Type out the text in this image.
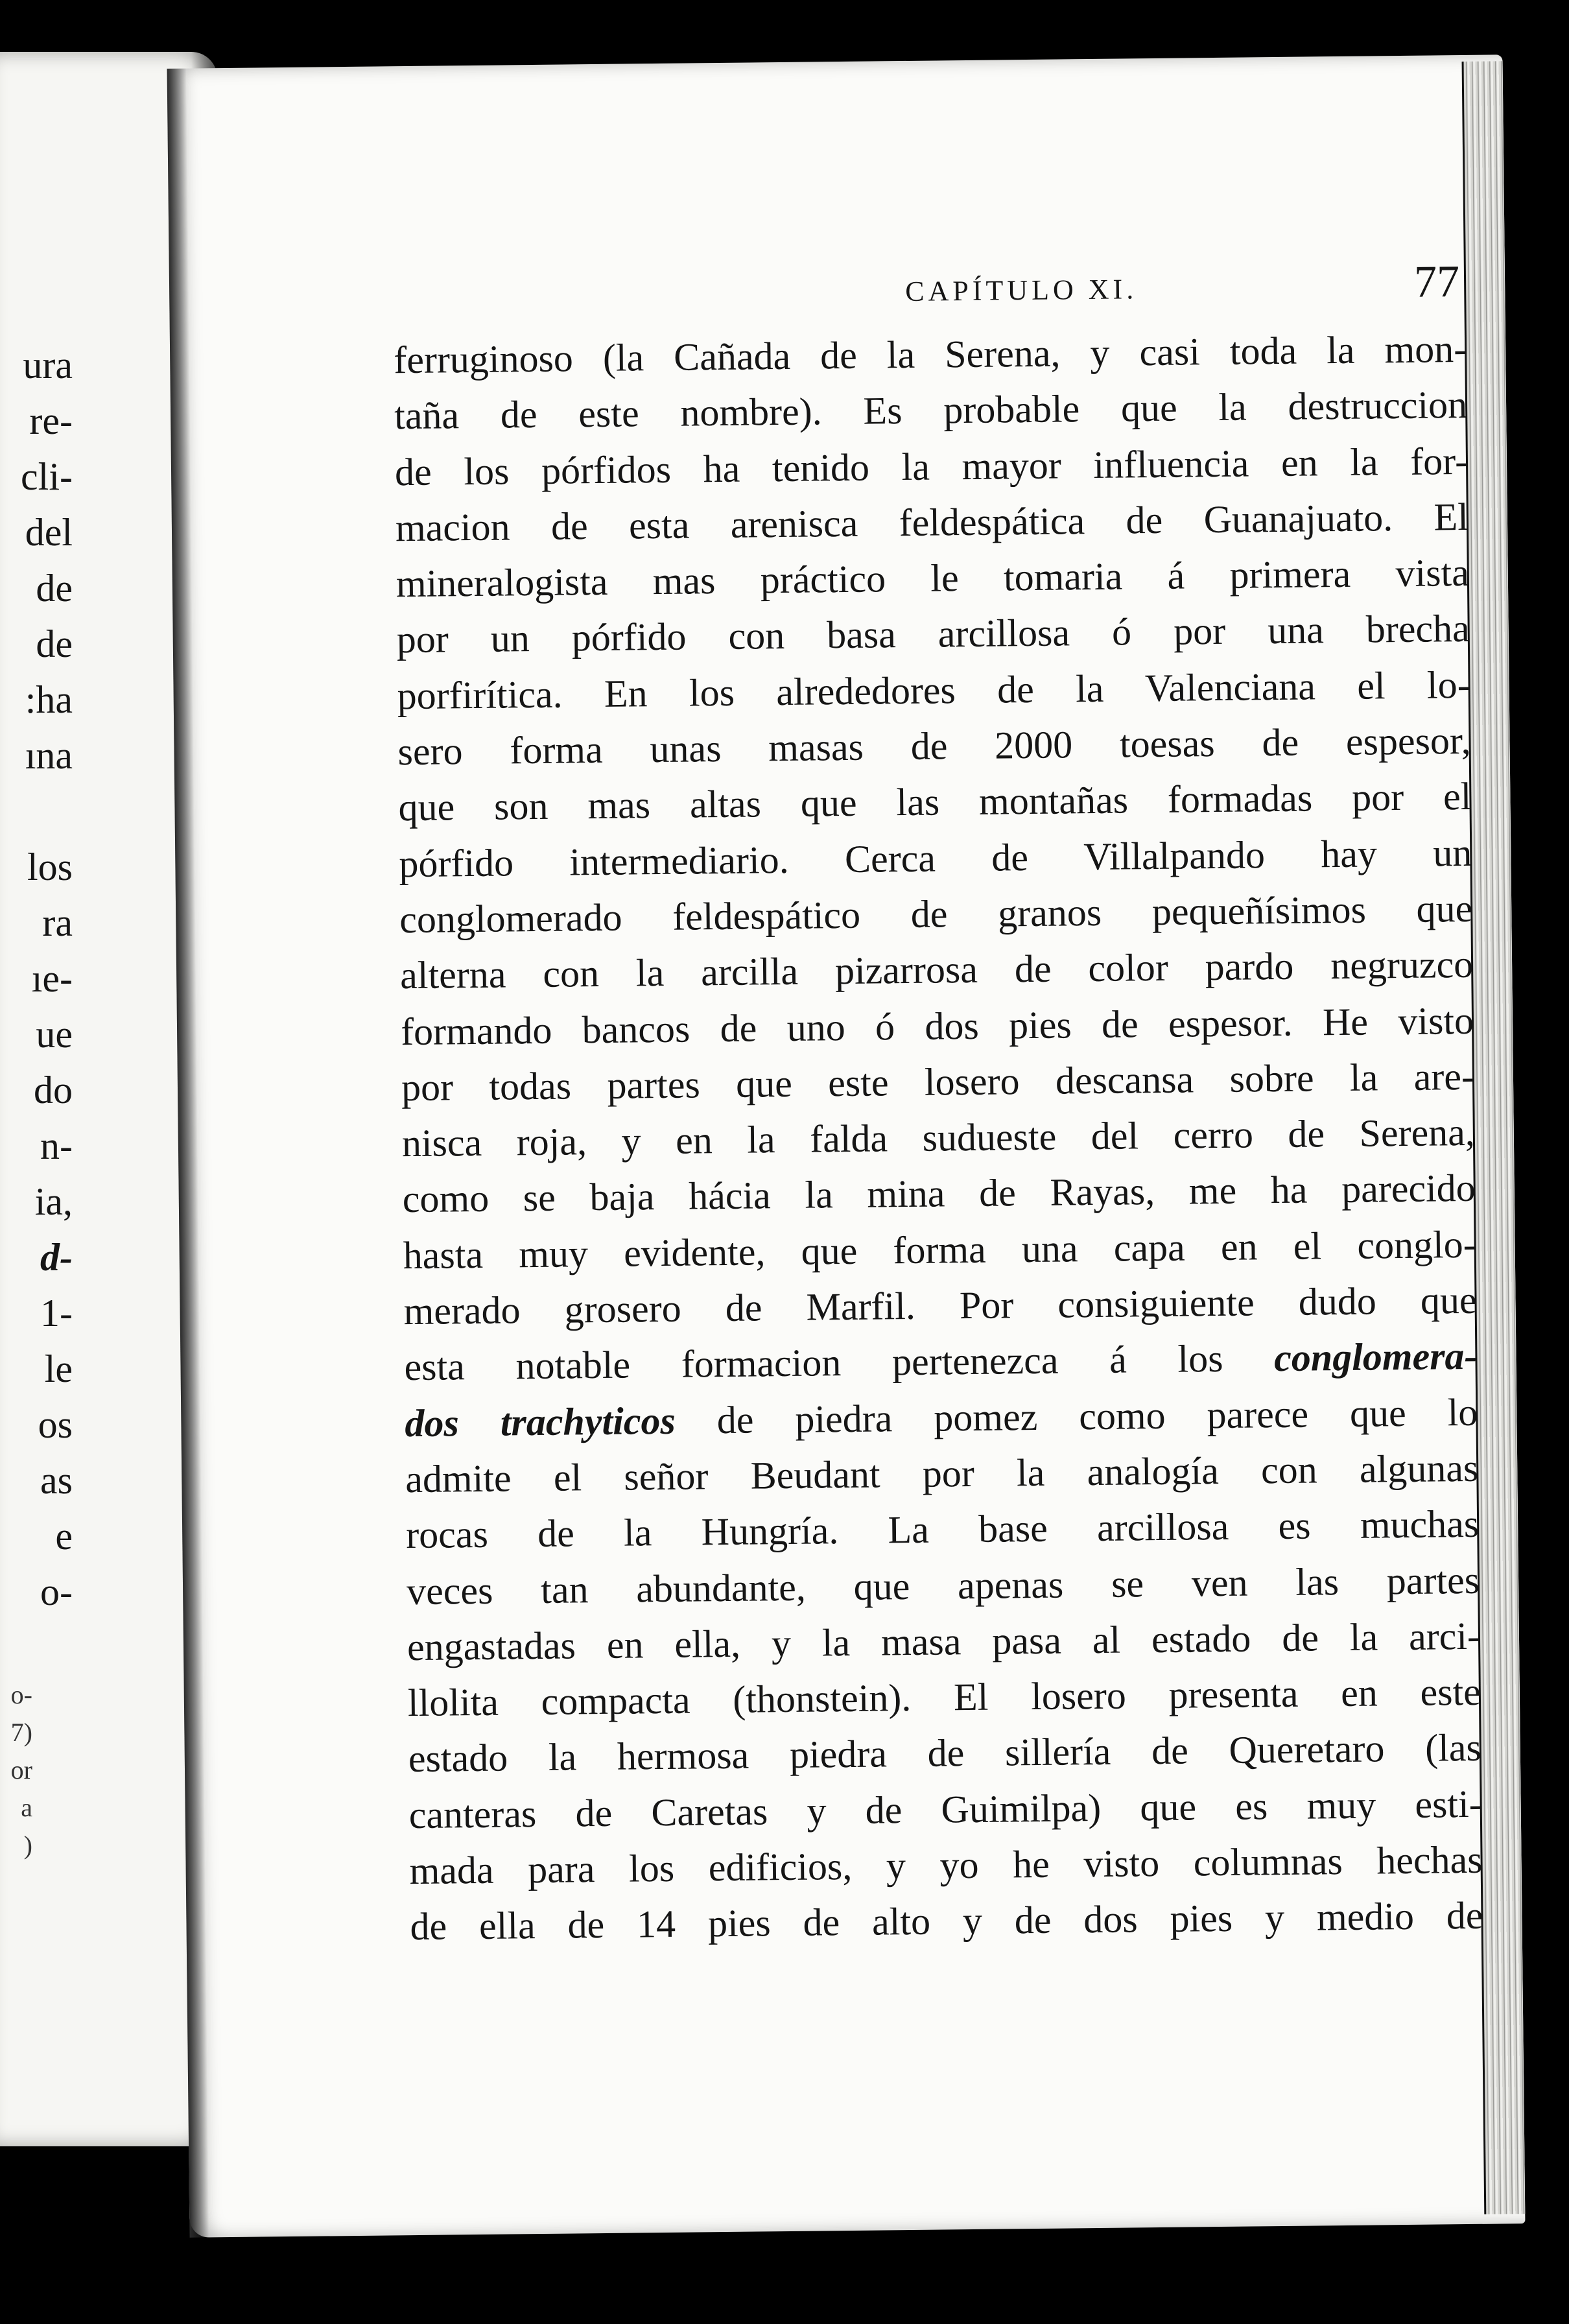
ura
re-
cli-
del
de
de
:ha
ına
los
ra
ıe-
ue
do
n-
ia,
d-
1-
le
os
as
e
o-
o-
7)
or
a
)
CAPÍTULO XI.	77
ferruginoso (la Cañada de la Serena, y casi toda la mon-
taña de este nombre). Es probable que la destruccion
de los pórfidos ha tenido la mayor influencia en la for-
macion de esta arenisca feldespática de Guanajuato. El
mineralogista mas práctico le tomaria á primera vista
por un pórfido con basa arcillosa ó por una brecha
porfirítica. En los alrededores de la Valenciana el lo-
sero forma unas masas de 2000 toesas de espesor,
que son mas altas que las montañas formadas por el
pórfido intermediario. Cerca de Villalpando hay un
conglomerado feldespático de granos pequeñísimos que
alterna con la arcilla pizarrosa de color pardo negruzco
formando bancos de uno ó dos pies de espesor. He visto
por todas partes que este losero descansa sobre la are-
nisca roja, y en la falda sudueste del cerro de Serena,
como se baja hácia la mina de Rayas, me ha parecido
hasta muy evidente, que forma una capa en el conglo-
merado grosero de Marfil. Por consiguiente dudo que
esta notable formacion pertenezca á los conglomera-
dos trachyticos de piedra pomez como parece que lo
admite el señor Beudant por la analogía con algunas
rocas de la Hungría. La base arcillosa es muchas
veces tan abundante, que apenas se ven las partes
engastadas en ella, y la masa pasa al estado de la arci-
llolita compacta (thonstein). El losero presenta en este
estado la hermosa piedra de sillería de Queretaro (las
canteras de Caretas y de Guimilpa) que es muy esti-
mada para los edificios, y yo he visto columnas hechas
de ella de 14 pies de alto y de dos pies y medio de
